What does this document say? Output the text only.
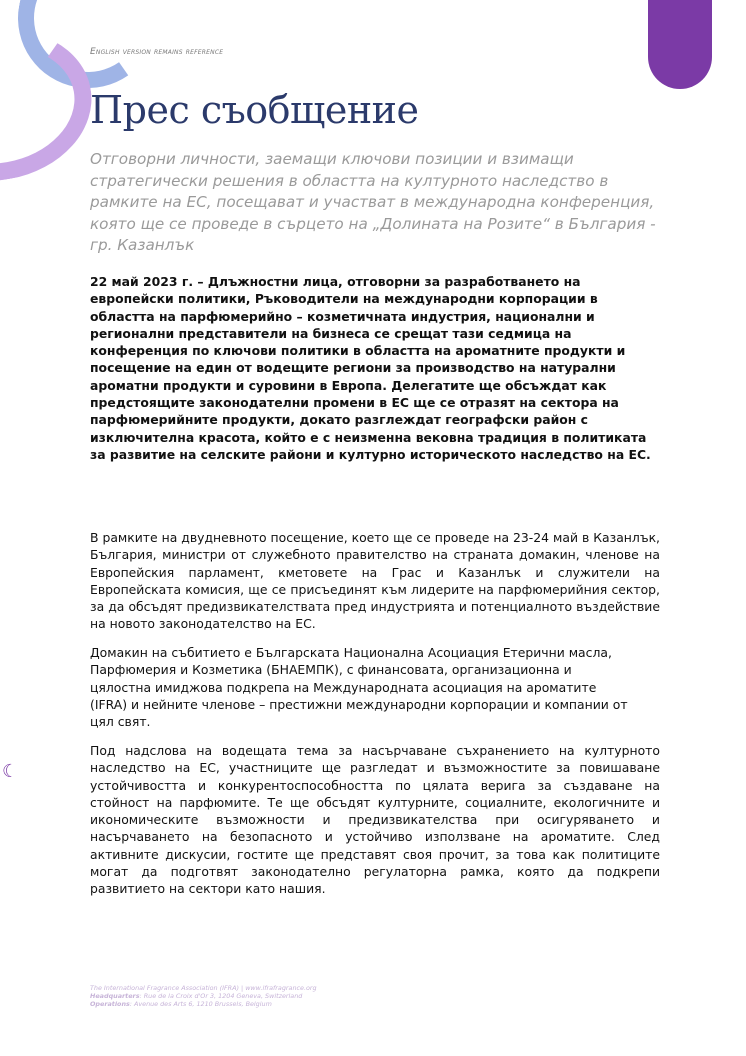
☾
English version remains reference
Прес съобщение

Отговорни личности, заемащи ключови позиции и взимащи стратегически решения в областта на културното наследство в рамките на ЕС, посещават и участват в международна конференция, която ще се проведе в сърцето на „Долината на Розите“ в България - гр. Казанлък

22 май 2023 г. – Длъжностни лица, отговорни за разработването на европейски политики, Ръководители на международни корпорации в областта на парфюмерийно – козметичната индустрия, национални и регионални представители на бизнеса се срещат тази седмица на конференция по ключови политики в областта на ароматните продукти и посещение на един от водещите региони за производство на натурални ароматни продукти и суровини в Европа. Делегатите ще обсъждат как предстоящите законодателни промени в ЕС ще се отразят на сектора на парфюмерийните продукти, докато разглеждат географски район с изключителна красота, който е с неизменна вековна традиция в политиката за развитие на селските райони и културно историческото наследство на ЕС.

В рамките на двудневното посещение, което ще се проведе на 23-24 май в Казанлък, България, министри от служебното правителство на страната домакин, членове на Европейския парламент, кметовете на Грас и Казанлък и служители на Европейската комисия, ще се присъединят към лидерите на парфюмерийния сектор, за да обсъдят предизвикателствата пред индустрията и потенциалното въздействие на новото законодателство на ЕС.

Домакин на събитието е Българската Национална Асоциация Етерични масла, Парфюмерия и Козметика (БНАЕМПК), с финансовата, организационна и цялостна имиджова подкрепа на Международната асоциация на ароматите (IFRA) и нейните членове – престижни международни корпорации и компании от цял свят.

Под надслова на водещата тема за насърчаване съхранението на културното наследство на ЕС, участниците ще разгледат и възможностите за повишаване устойчивостта и конкурентоспособността по цялата верига за създаване на стойност на парфюмите. Те ще обсъдят културните, социалните, екологичните и икономическите възможности и предизвикателства при осигуряването и насърчаването на безопасното и устойчиво използване на ароматите. След активните дискусии, гостите ще представят своя прочит, за това как политиците могат да подготвят законодателно регулаторна рамка, която да подкрепи развитието на сектори като нашия.

The International Fragrance Association (IFRA) | www.ifrafragrance.org
Headquarters: Rue de la Croix d'Or 3, 1204 Geneva, Switzerland
Operations: Avenue des Arts 6, 1210 Brussels, Belgium
